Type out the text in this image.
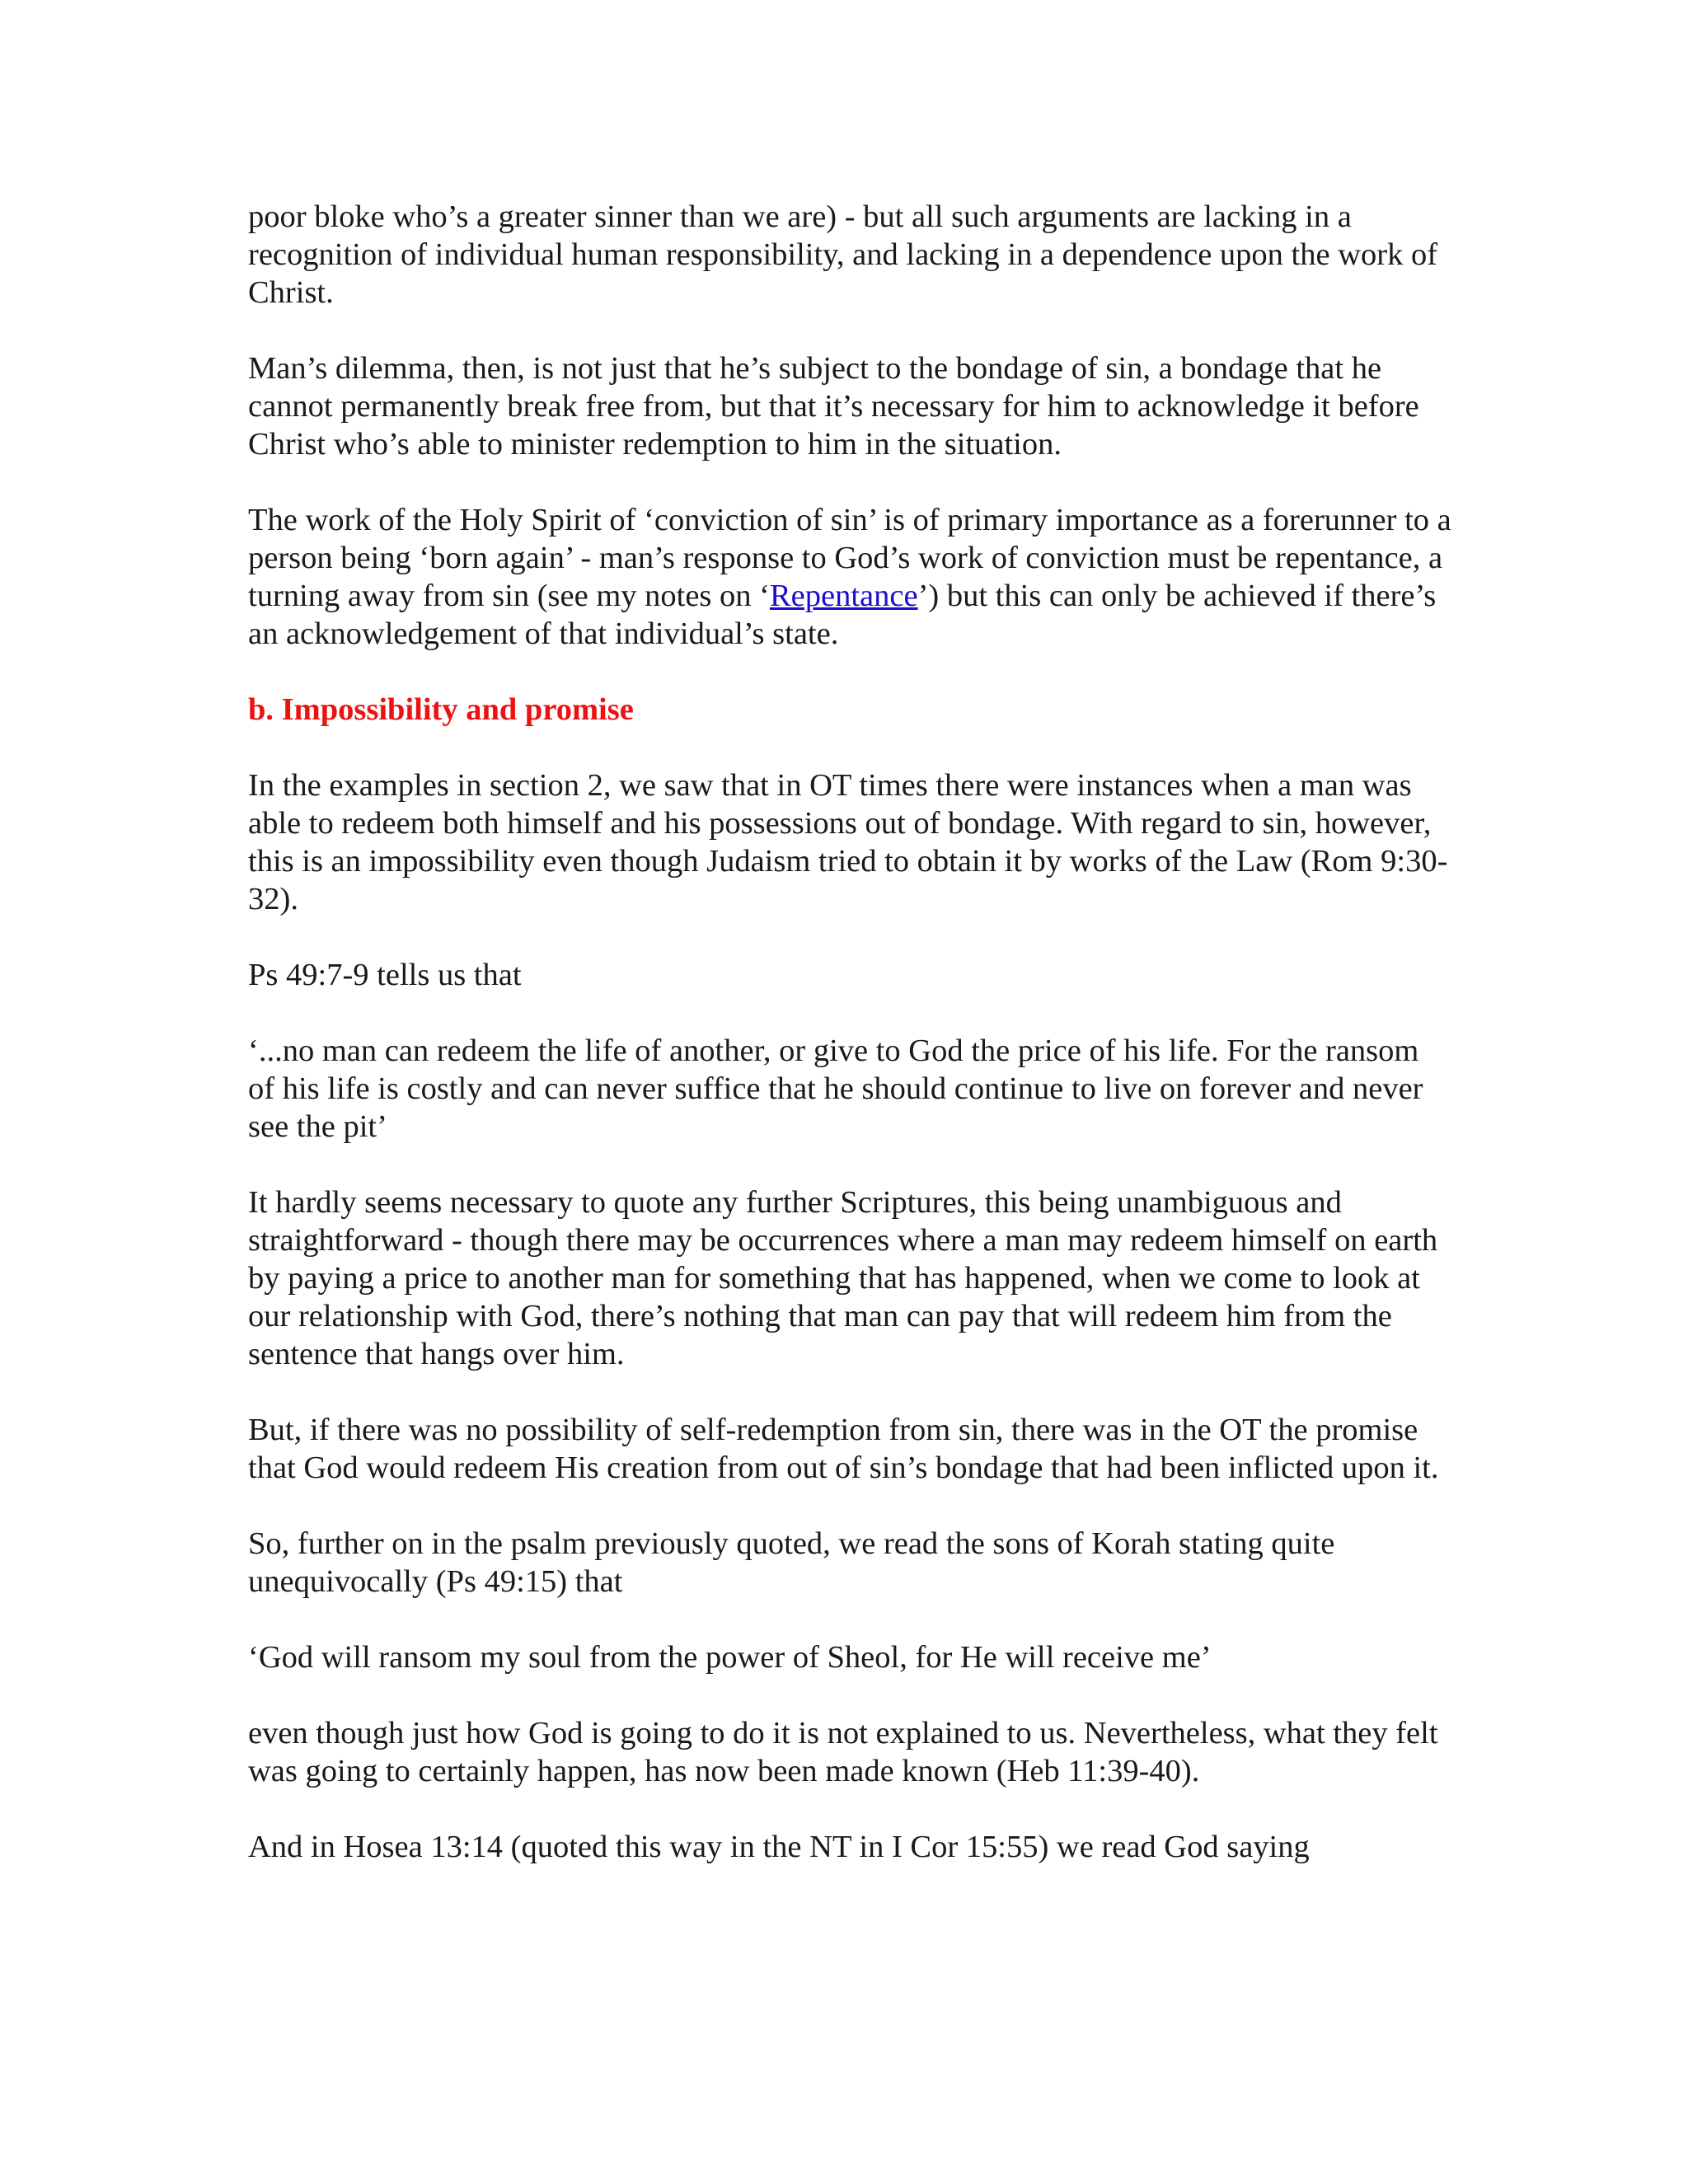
poor bloke who’s a greater sinner than we are) - but all such arguments are lacking in a recognition of individual human responsibility, and lacking in a dependence upon the work of Christ.

Man’s dilemma, then, is not just that he’s subject to the bondage of sin, a bondage that he cannot permanently break free from, but that it’s necessary for him to acknowledge it before Christ who’s able to minister redemption to him in the situation.

The work of the Holy Spirit of ‘conviction of sin’ is of primary importance as a forerunner to a person being ‘born again’ - man’s response to God’s work of conviction must be repentance, a turning away from sin (see my notes on ‘Repentance’) but this can only be achieved if there’s an acknowledgement of that individual’s state.

b. Impossibility and promise

In the examples in section 2, we saw that in OT times there were instances when a man was able to redeem both himself and his possessions out of bondage. With regard to sin, however, this is an impossibility even though Judaism tried to obtain it by works of the Law (Rom 9:30-32).

Ps 49:7-9 tells us that

‘...no man can redeem the life of another, or give to God the price of his life. For the ransom of his life is costly and can never suffice that he should continue to live on forever and never see the pit’

It hardly seems necessary to quote any further Scriptures, this being unambiguous and straightforward - though there may be occurrences where a man may redeem himself on earth by paying a price to another man for something that has happened, when we come to look at our relationship with God, there’s nothing that man can pay that will redeem him from the sentence that hangs over him.

But, if there was no possibility of self-redemption from sin, there was in the OT the promise that God would redeem His creation from out of sin’s bondage that had been inflicted upon it.

So, further on in the psalm previously quoted, we read the sons of Korah stating quite unequivocally (Ps 49:15) that

‘God will ransom my soul from the power of Sheol, for He will receive me’

even though just how God is going to do it is not explained to us. Nevertheless, what they felt was going to certainly happen, has now been made known (Heb 11:39-40).

And in Hosea 13:14 (quoted this way in the NT in I Cor 15:55) we read God saying
